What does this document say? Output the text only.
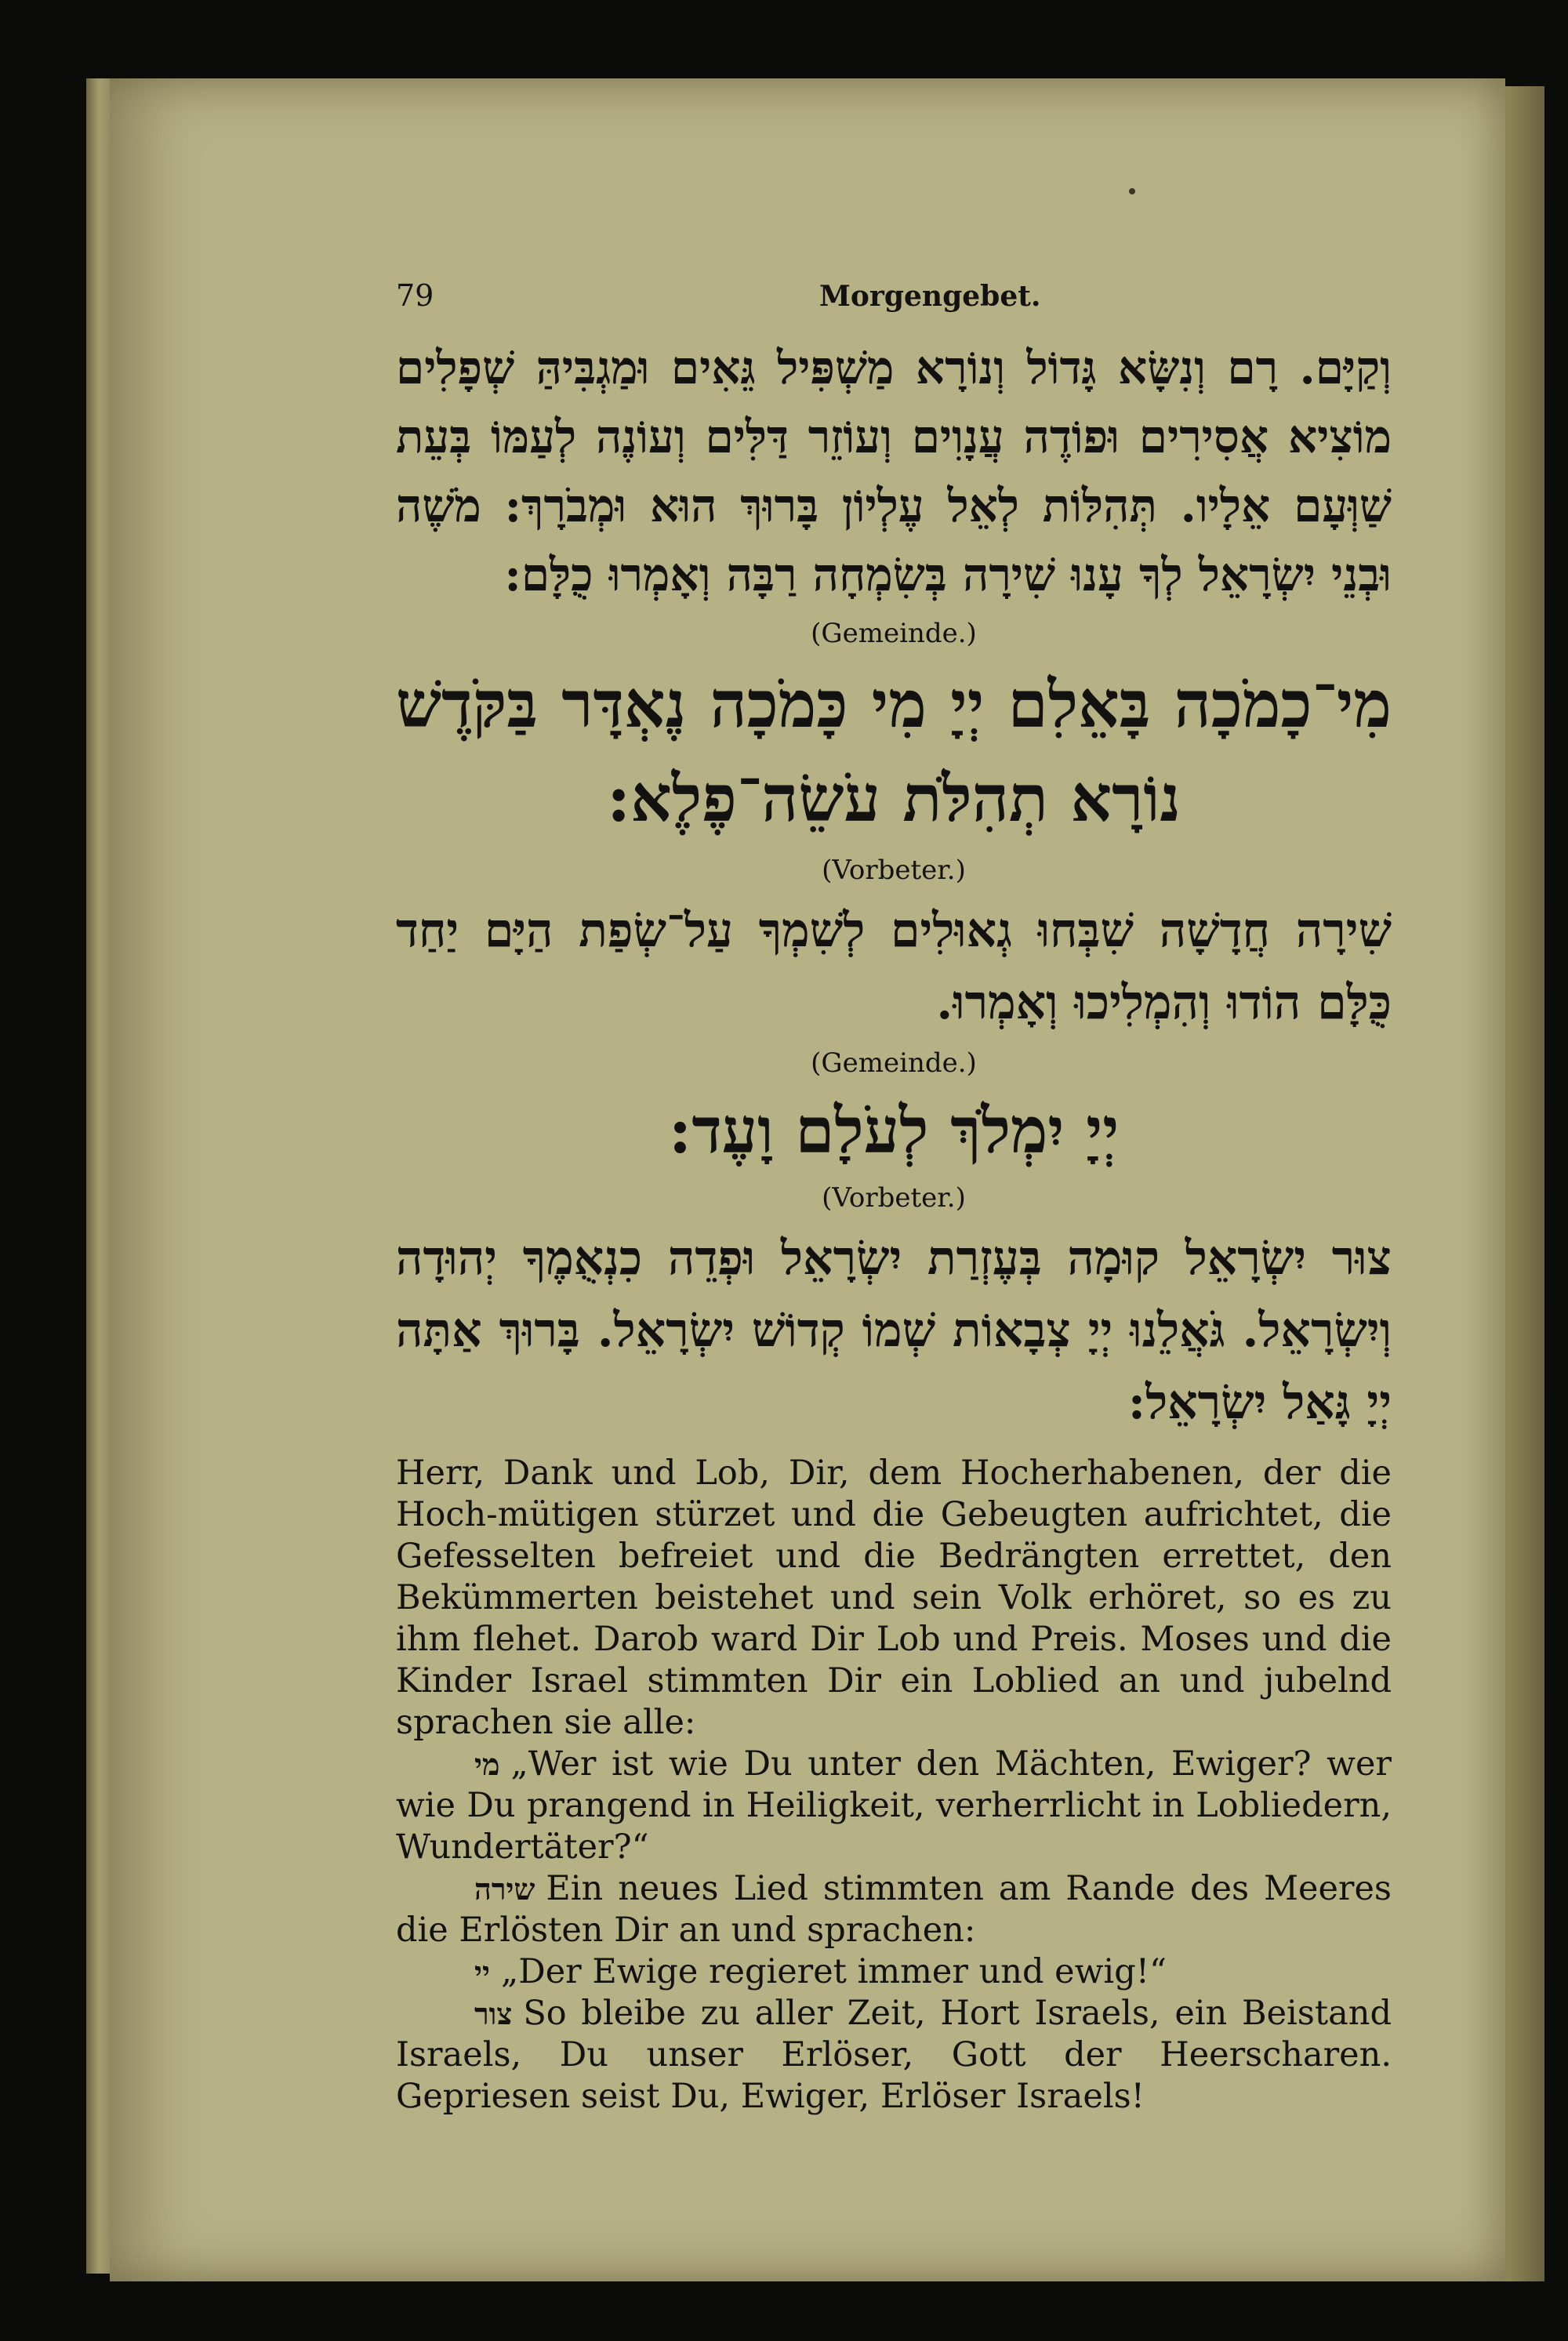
79	Morgengebet.
וְקַיָּם. רָם וְנִשָּׂא גָּדוֹל וְנוֹרָא מַשְׁפִּיל גֵּאִים וּמַגְבִּיהַּ שְׁפָלִים מוֹצִיא אֲסִירִים וּפוֹדֶה עֲנָוִים וְעוֹזֵר דַּלִּים וְעוֹנֶה לְעַמּוֹ בְּעֵת שַׁוְּעָם אֵלָיו. תְּהִלּוֹת לְאֵל עֶלְיוֹן בָּרוּךְ הוּא וּמְבֹרָךְ: מֹשֶׁה וּבְנֵי יִשְׂרָאֵל לְךָ עָנוּ שִׁירָה בְּשִׂמְחָה רַבָּה וְאָמְרוּ כֻלָּם:
(Gemeinde.)
מִי־כָמֹכָה בָּאֵלִם יְיָ מִי כָּמֹכָה נֶאְדָּר בַּקֹּדֶשׁ נוֹרָא תְהִלֹּת עֹשֵׂה־פֶלֶא:
(Vorbeter.)
שִׁירָה חֲדָשָׁה שִׁבְּחוּ גְאוּלִים לְשִׁמְךָ עַל־שְׂפַת הַיָּם יַחַד כֻּלָּם הוֹדוּ וְהִמְלִיכוּ וְאָמְרוּ.
(Gemeinde.)
יְיָ יִמְלֹךְ לְעֹלָם וָעֶד:
(Vorbeter.)
צוּר יִשְׂרָאֵל קוּמָה בְּעֶזְרַת יִשְׂרָאֵל וּפְדֵה כִנְאֻמֶךָ יְהוּדָה וְיִשְׂרָאֵל. גֹּאֲלֵנוּ יְיָ צְבָאוֹת שְׁמוֹ קְדוֹשׁ יִשְׂרָאֵל. בָּרוּךְ אַתָּה יְיָ גָּאַל יִשְׂרָאֵל:

Herr, Dank und Lob, Dir, dem Hocherhabenen, der die Hoch-mütigen stürzet und die Gebeugten aufrichtet, die Gefesselten befreiet und die Bedrängten errettet, den Bekümmerten beistehet und sein Volk erhöret, so es zu ihm flehet. Darob ward Dir Lob und Preis. Moses und die Kinder Israel stimmten Dir ein Loblied an und jubelnd sprachen sie alle:

מי „Wer ist wie Du unter den Mächten, Ewiger? wer wie Du prangend in Heiligkeit, verherrlicht in Lobliedern, Wundertäter?“

שירה Ein neues Lied stimmten am Rande des Meeres die Erlösten Dir an und sprachen:

יי „Der Ewige regieret immer und ewig!“

צור So bleibe zu aller Zeit, Hort Israels, ein Beistand Israels, Du unser Erlöser, Gott der Heerscharen. Gepriesen seist Du, Ewiger, Erlöser Israels!
